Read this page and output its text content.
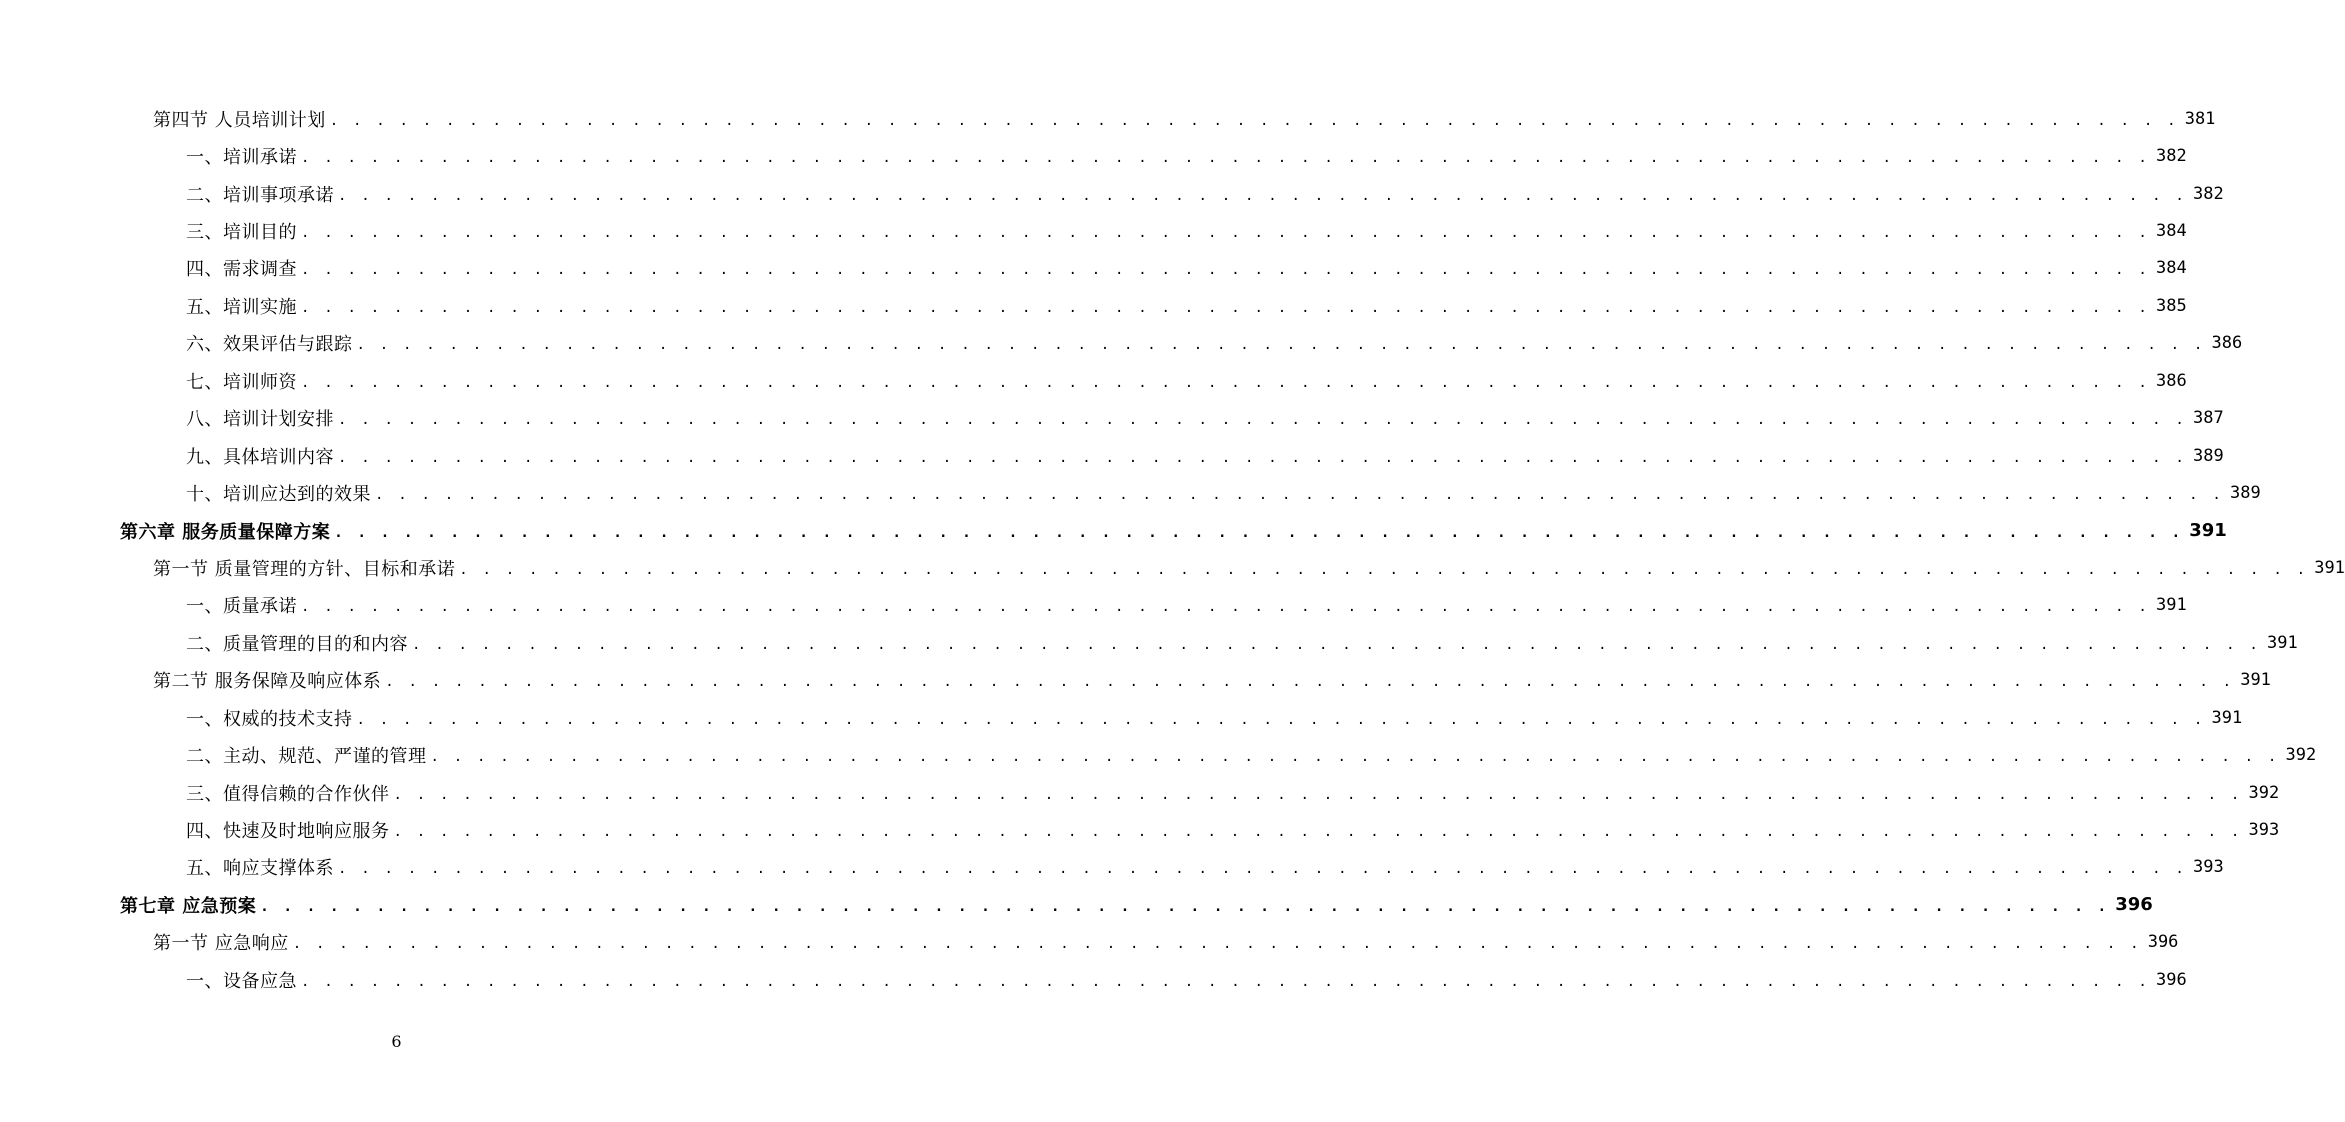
第四节 人员培训计划 . . . . . . . . . . . . . . . . . . . . . . . . . . . . . . . . . . . . . . . . . . . . . . . . . . . . . . . . . . . . . . . . . . . . . . . . . . . . . . . . 381
一、培训承诺 . . . . . . . . . . . . . . . . . . . . . . . . . . . . . . . . . . . . . . . . . . . . . . . . . . . . . . . . . . . . . . . . . . . . . . . . . . . . . . . . 382
二、培训事项承诺 . . . . . . . . . . . . . . . . . . . . . . . . . . . . . . . . . . . . . . . . . . . . . . . . . . . . . . . . . . . . . . . . . . . . . . . . . . . . . . . . 382
三、培训目的 . . . . . . . . . . . . . . . . . . . . . . . . . . . . . . . . . . . . . . . . . . . . . . . . . . . . . . . . . . . . . . . . . . . . . . . . . . . . . . . . 384
四、需求调查 . . . . . . . . . . . . . . . . . . . . . . . . . . . . . . . . . . . . . . . . . . . . . . . . . . . . . . . . . . . . . . . . . . . . . . . . . . . . . . . . 384
五、培训实施 . . . . . . . . . . . . . . . . . . . . . . . . . . . . . . . . . . . . . . . . . . . . . . . . . . . . . . . . . . . . . . . . . . . . . . . . . . . . . . . . 385
六、效果评估与跟踪 . . . . . . . . . . . . . . . . . . . . . . . . . . . . . . . . . . . . . . . . . . . . . . . . . . . . . . . . . . . . . . . . . . . . . . . . . . . . . . . . 386
七、培训师资 . . . . . . . . . . . . . . . . . . . . . . . . . . . . . . . . . . . . . . . . . . . . . . . . . . . . . . . . . . . . . . . . . . . . . . . . . . . . . . . . 386
八、培训计划安排 . . . . . . . . . . . . . . . . . . . . . . . . . . . . . . . . . . . . . . . . . . . . . . . . . . . . . . . . . . . . . . . . . . . . . . . . . . . . . . . . 387
九、具体培训内容 . . . . . . . . . . . . . . . . . . . . . . . . . . . . . . . . . . . . . . . . . . . . . . . . . . . . . . . . . . . . . . . . . . . . . . . . . . . . . . . . 389
十、培训应达到的效果 . . . . . . . . . . . . . . . . . . . . . . . . . . . . . . . . . . . . . . . . . . . . . . . . . . . . . . . . . . . . . . . . . . . . . . . . . . . . . . . . 389
第六章 服务质量保障方案 . . . . . . . . . . . . . . . . . . . . . . . . . . . . . . . . . . . . . . . . . . . . . . . . . . . . . . . . . . . . . . . . . . . . . . . . . . . . . . . . 391
第一节 质量管理的方针、目标和承诺 . . . . . . . . . . . . . . . . . . . . . . . . . . . . . . . . . . . . . . . . . . . . . . . . . . . . . . . . . . . . . . . . . . . . . . . . . . . . . . . . 391
一、质量承诺 . . . . . . . . . . . . . . . . . . . . . . . . . . . . . . . . . . . . . . . . . . . . . . . . . . . . . . . . . . . . . . . . . . . . . . . . . . . . . . . . 391
二、质量管理的目的和内容 . . . . . . . . . . . . . . . . . . . . . . . . . . . . . . . . . . . . . . . . . . . . . . . . . . . . . . . . . . . . . . . . . . . . . . . . . . . . . . . . 391
第二节 服务保障及响应体系 . . . . . . . . . . . . . . . . . . . . . . . . . . . . . . . . . . . . . . . . . . . . . . . . . . . . . . . . . . . . . . . . . . . . . . . . . . . . . . . . 391
一、权威的技术支持 . . . . . . . . . . . . . . . . . . . . . . . . . . . . . . . . . . . . . . . . . . . . . . . . . . . . . . . . . . . . . . . . . . . . . . . . . . . . . . . . 391
二、主动、规范、严谨的管理 . . . . . . . . . . . . . . . . . . . . . . . . . . . . . . . . . . . . . . . . . . . . . . . . . . . . . . . . . . . . . . . . . . . . . . . . . . . . . . . . 392
三、值得信赖的合作伙伴 . . . . . . . . . . . . . . . . . . . . . . . . . . . . . . . . . . . . . . . . . . . . . . . . . . . . . . . . . . . . . . . . . . . . . . . . . . . . . . . . 392
四、快速及时地响应服务 . . . . . . . . . . . . . . . . . . . . . . . . . . . . . . . . . . . . . . . . . . . . . . . . . . . . . . . . . . . . . . . . . . . . . . . . . . . . . . . . 393
五、响应支撑体系 . . . . . . . . . . . . . . . . . . . . . . . . . . . . . . . . . . . . . . . . . . . . . . . . . . . . . . . . . . . . . . . . . . . . . . . . . . . . . . . . 393
第七章 应急预案 . . . . . . . . . . . . . . . . . . . . . . . . . . . . . . . . . . . . . . . . . . . . . . . . . . . . . . . . . . . . . . . . . . . . . . . . . . . . . . . . 396
第一节 应急响应 . . . . . . . . . . . . . . . . . . . . . . . . . . . . . . . . . . . . . . . . . . . . . . . . . . . . . . . . . . . . . . . . . . . . . . . . . . . . . . . . 396
一、设备应急 . . . . . . . . . . . . . . . . . . . . . . . . . . . . . . . . . . . . . . . . . . . . . . . . . . . . . . . . . . . . . . . . . . . . . . . . . . . . . . . . 396
6
